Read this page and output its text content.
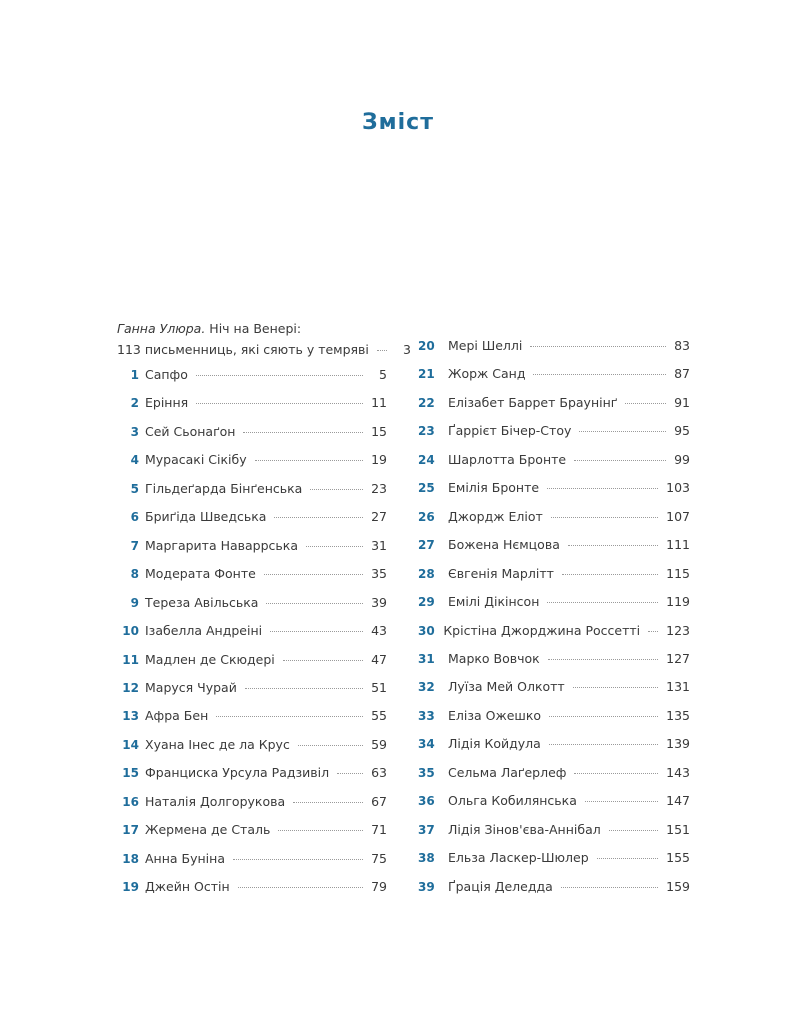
Зміст
Ганна Улюра. Ніч на Венері:
113 письменниць, які сяють у темряві	3
1 Сапфо	5
2 Еріння	11
3 Сей Сьонаґон	15
4 Мурасакі Сікібу	19
5 Гільдеґарда Бінґенська	23
6 Бриґіда Шведська	27
7 Маргарита Наваррська	31
8 Модерата Фонте	35
9 Тереза Авільська	39
10 Ізабелла Андреіні	43
11 Мадлен де Скюдері	47
12 Маруся Чурай	51
13 Афра Бен	55
14 Хуана Інес де ла Крус	59
15 Франциска Урсула Радзивіл	63
16 Наталія Долгорукова	67
17 Жермена де Сталь	71
18 Анна Буніна	75
19 Джейн Остін	79
20	Мері Шеллі	83
21	Жорж Санд	87
22	Елізабет Баррет Браунінґ	91
23	Ґаррієт Бічер-Стоу	95
24	Шарлотта Бронте	99
25	Емілія Бронте	103
26	Джордж Еліот	107
27	Божена Нємцова	111
28	Євгенія Марлітт	115
29	Емілі Дікінсон	119
30 Крістіна Джорджина Россетті 123
31	Марко Вовчок	127
32	Луїза Мей Олкотт	131
33	Еліза Ожешко	135
34	Лідія Койдула	139
35	Сельма Лаґерлеф	143
36	Ольга Кобилянська	147
37	Лідія Зінов'єва-Аннібал	151
38	Ельза Ласкер-Шюлер	155
39	Ґрація Деледда	159
